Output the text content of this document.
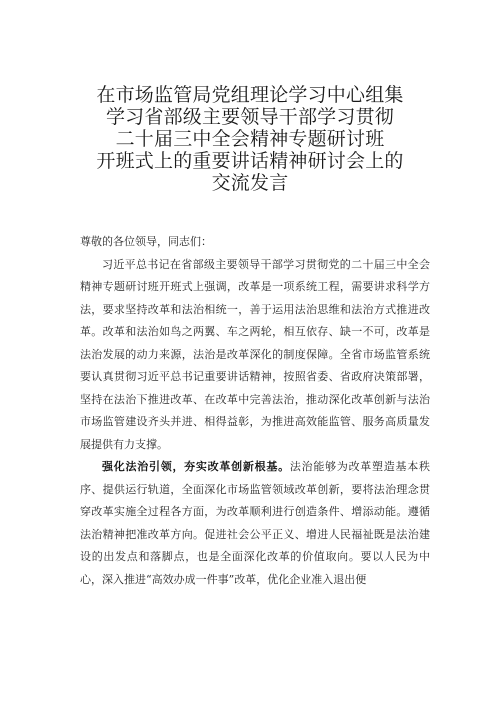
在市场监管局党组理论学习中心组集
学习省部级主要领导干部学习贯彻
二十届三中全会精神专题研讨班
开班式上的重要讲话精神研讨会上的
交流发言

尊敬的各位领导，同志们：

习近平总书记在省部级主要领导干部学习贯彻党的二十届三中全会精神专题研讨班开班式上强调，改革是一项系统工程，需要讲求科学方法，要求坚持改革和法治相统一，善于运用法治思维和法治方式推进改革。改革和法治如鸟之两翼、车之两轮，相互依存、缺一不可，改革是法治发展的动力来源，法治是改革深化的制度保障。全省市场监管系统要认真贯彻习近平总书记重要讲话精神，按照省委、省政府决策部署，坚持在法治下推进改革、在改革中完善法治，推动深化改革创新与法治市场监管建设齐头并进、相得益彰，为推进高效能监管、服务高质量发展提供有力支撑。

强化法治引领，夯实改革创新根基。法治能够为改革塑造基本秩序、提供运行轨道，全面深化市场监管领域改革创新，要将法治理念贯穿改革实施全过程各方面，为改革顺利进行创造条件、增添动能。遵循法治精神把准改革方向。促进社会公平正义、增进人民福祉既是法治建设的出发点和落脚点，也是全面深化改革的价值取向。要以人民为中心，深入推进“高效办成一件事”改革，优化企业准入退出便
